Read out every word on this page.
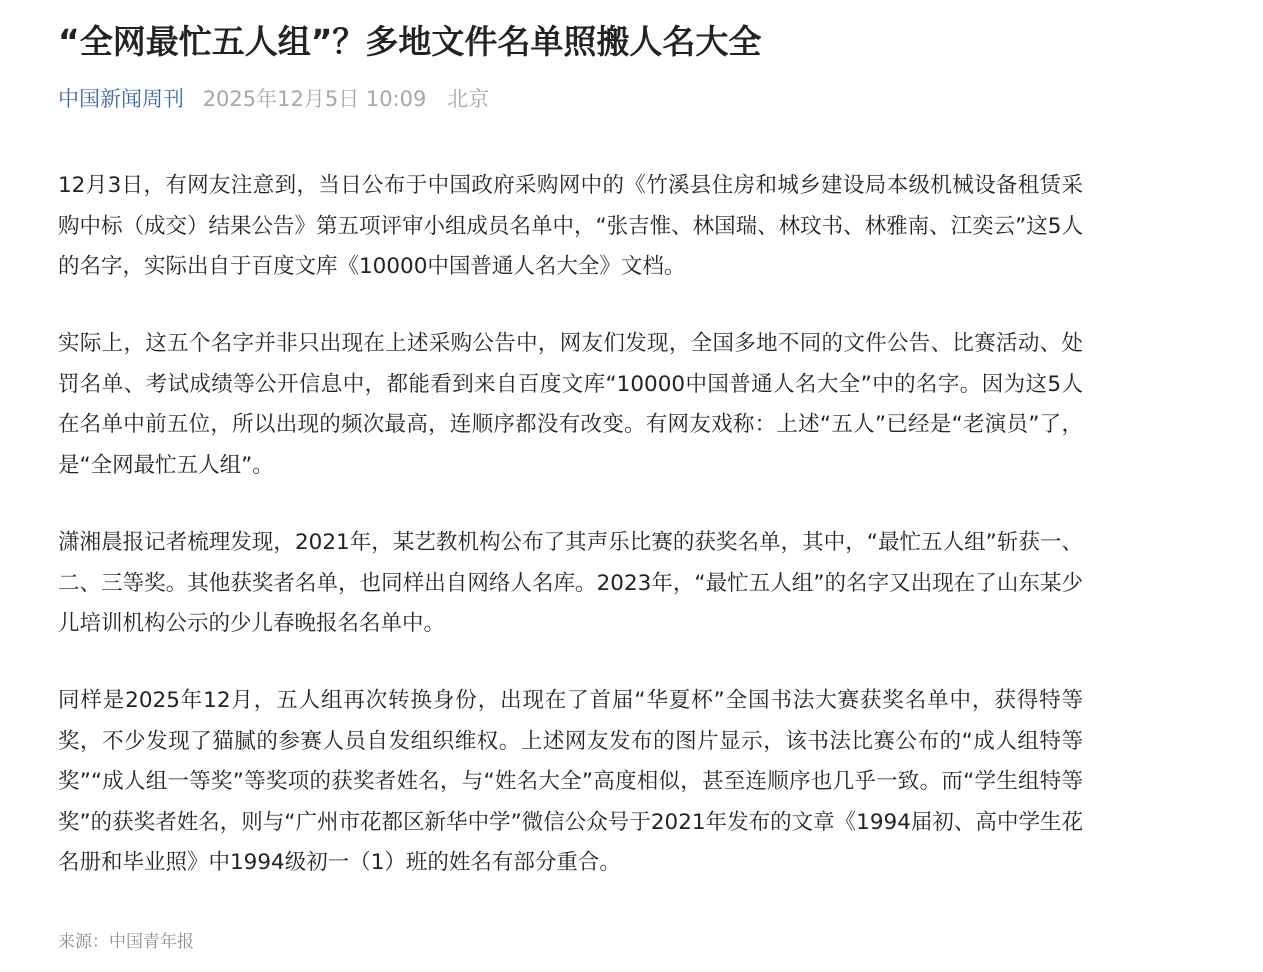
“全网最忙五人组”？多地文件名单照搬人名大全
中国新闻周刊 2025年12月5日 10:09 北京

12月3日，有网友注意到，当日公布于中国政府采购网中的《竹溪县住房和城乡建设局本级机械设备租赁采购中标（成交）结果公告》第五项评审小组成员名单中，“张吉惟、林国瑞、林玟书、林雅南、江奕云”这5人的名字，实际出自于百度文库《10000中国普通人名大全》文档。

实际上，这五个名字并非只出现在上述采购公告中，网友们发现，全国多地不同的文件公告、比赛活动、处罚名单、考试成绩等公开信息中，都能看到来自百度文库“10000中国普通人名大全”中的名字。因为这5人在名单中前五位，所以出现的频次最高，连顺序都没有改变。有网友戏称：上述“五人”已经是“老演员”了，是“全网最忙五人组”。

潇湘晨报记者梳理发现，2021年，某艺教机构公布了其声乐比赛的获奖名单，其中，“最忙五人组”斩获一、二、三等奖。其他获奖者名单，也同样出自网络人名库。2023年，“最忙五人组”的名字又出现在了山东某少儿培训机构公示的少儿春晚报名名单中。

同样是2025年12月，五人组再次转换身份，出现在了首届“华夏杯”全国书法大赛获奖名单中，获得特等奖，不少发现了猫腻的参赛人员自发组织维权。上述网友发布的图片显示，该书法比赛公布的“成人组特等奖”“成人组一等奖”等奖项的获奖者姓名，与“姓名大全”高度相似，甚至连顺序也几乎一致。而“学生组特等奖”的获奖者姓名，则与“广州市花都区新华中学”微信公众号于2021年发布的文章《1994届初、高中学生花名册和毕业照》中1994级初一（1）班的姓名有部分重合。

来源：中国青年报
